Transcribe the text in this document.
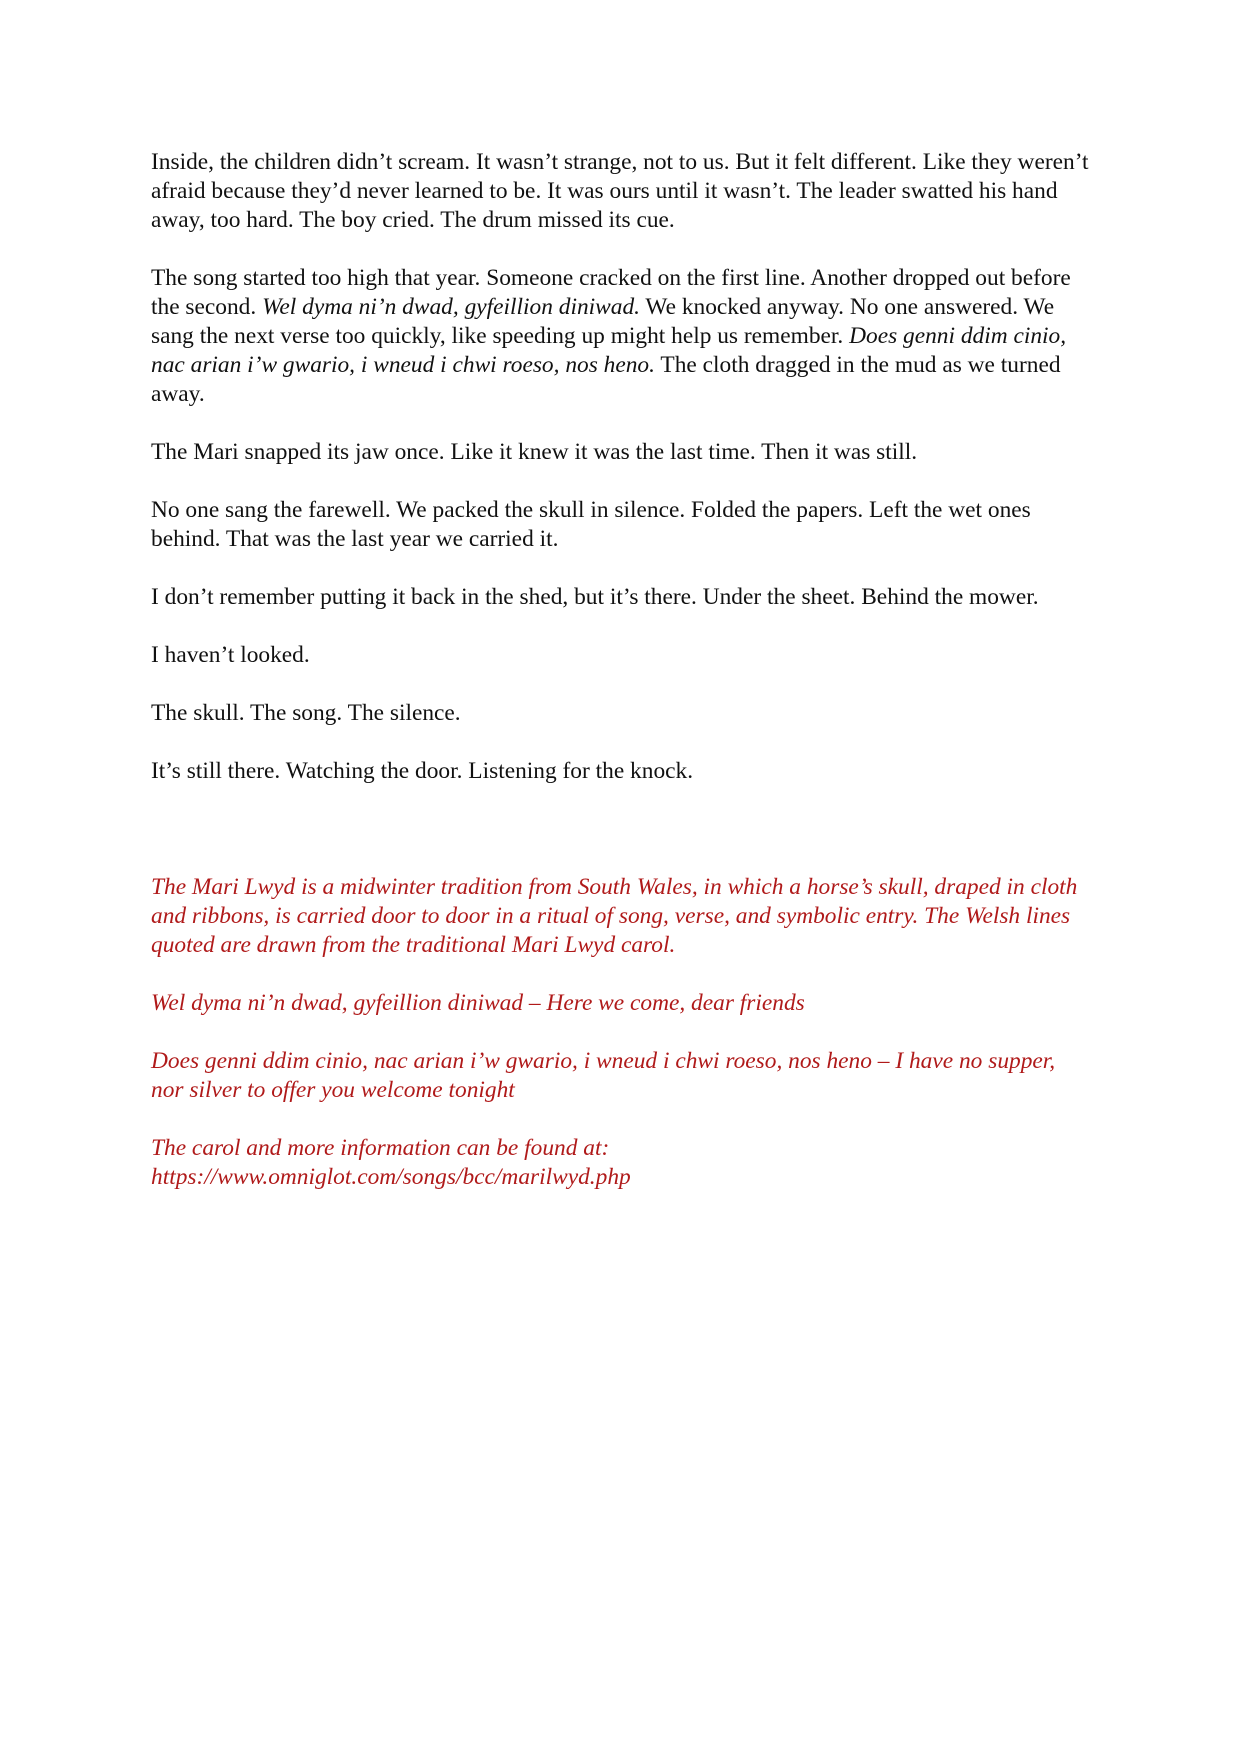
Inside, the children didn’t scream. It wasn’t strange, not to us. But it felt different. Like they weren’t afraid because they’d never learned to be. It was ours until it wasn’t. The leader swatted his hand away, too hard. The boy cried. The drum missed its cue.

The song started too high that year. Someone cracked on the first line. Another dropped out before the second. Wel dyma ni’n dwad, gyfeillion diniwad. We knocked anyway. No one answered. We sang the next verse too quickly, like speeding up might help us remember. Does genni ddim cinio, nac arian i’w gwario, i wneud i chwi roeso, nos heno. The cloth dragged in the mud as we turned away.

The Mari snapped its jaw once. Like it knew it was the last time. Then it was still.

No one sang the farewell. We packed the skull in silence. Folded the papers. Left the wet ones behind. That was the last year we carried it.

I don’t remember putting it back in the shed, but it’s there. Under the sheet. Behind the mower.

I haven’t looked.

The skull. The song. The silence.

It’s still there. Watching the door. Listening for the knock.

The Mari Lwyd is a midwinter tradition from South Wales, in which a horse’s skull, draped in cloth and ribbons, is carried door to door in a ritual of song, verse, and symbolic entry. The Welsh lines quoted are drawn from the traditional Mari Lwyd carol.

Wel dyma ni’n dwad, gyfeillion diniwad – Here we come, dear friends

Does genni ddim cinio, nac arian i’w gwario, i wneud i chwi roeso, nos heno – I have no supper, nor silver to offer you welcome tonight

The carol and more information can be found at:
https://www.omniglot.com/songs/bcc/marilwyd.php
